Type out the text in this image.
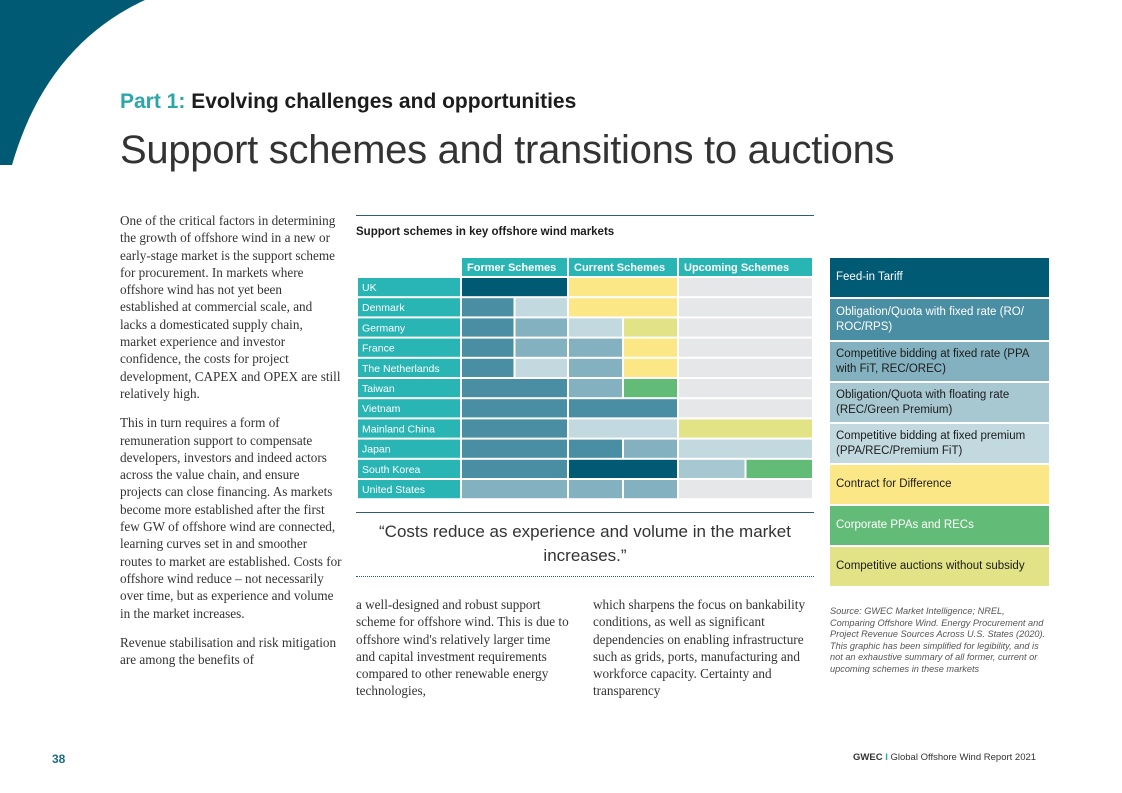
Part 1: Evolving challenges and opportunities
Support schemes and transitions to auctions

One of the critical factors in determining the growth of offshore wind in a new or early-stage market is the support scheme for procurement. In markets where offshore wind has not yet been established at commercial scale, and lacks a domesticated supply chain, market experience and investor confidence, the costs for project development, CAPEX and OPEX are still relatively high.

This in turn requires a form of remuneration support to compensate developers, investors and indeed actors across the value chain, and ensure projects can close financing. As markets become more established after the first few GW of offshore wind are connected, learning curves set in and smoother routes to market are established. Costs for offshore wind reduce – not necessarily over time, but as experience and volume in the market increases.

Revenue stabilisation and risk mitigation are among the benefits of

Support schemes in key offshore wind markets
Former Schemes Current Schemes Upcoming Schemes
UK
Denmark
Germany
France
The Netherlands
Taiwan
Vietnam
Mainland China
Japan
South Korea
United States
“Costs reduce as experience and volume in the market increases.”
a well-designed and robust support scheme for offshore wind. This is due to offshore wind's relatively larger time and capital investment requirements compared to other renewable energy technologies,
which sharpens the focus on bankability conditions, as well as significant dependencies on enabling infrastructure such as grids, ports, manufacturing and workforce capacity. Certainty and transparency
Feed-in Tariff
Obligation/Quota with fixed rate (RO/ ROC/RPS)
Competitive bidding at fixed rate (PPA with FiT, REC/OREC)
Obligation/Quota with floating rate (REC/Green Premium)
Competitive bidding at fixed premium (PPA/REC/Premium FiT)
Contract for Difference
Corporate PPAs and RECs
Competitive auctions without subsidy
Source: GWEC Market Intelligence; NREL, Comparing Offshore Wind. Energy Procurement and Project Revenue Sources Across U.S. States (2020). This graphic has been simplified for legibility, and is not an exhaustive summary of all former, current or upcoming schemes in these markets
38	GWEC I Global Offshore Wind Report 2021
